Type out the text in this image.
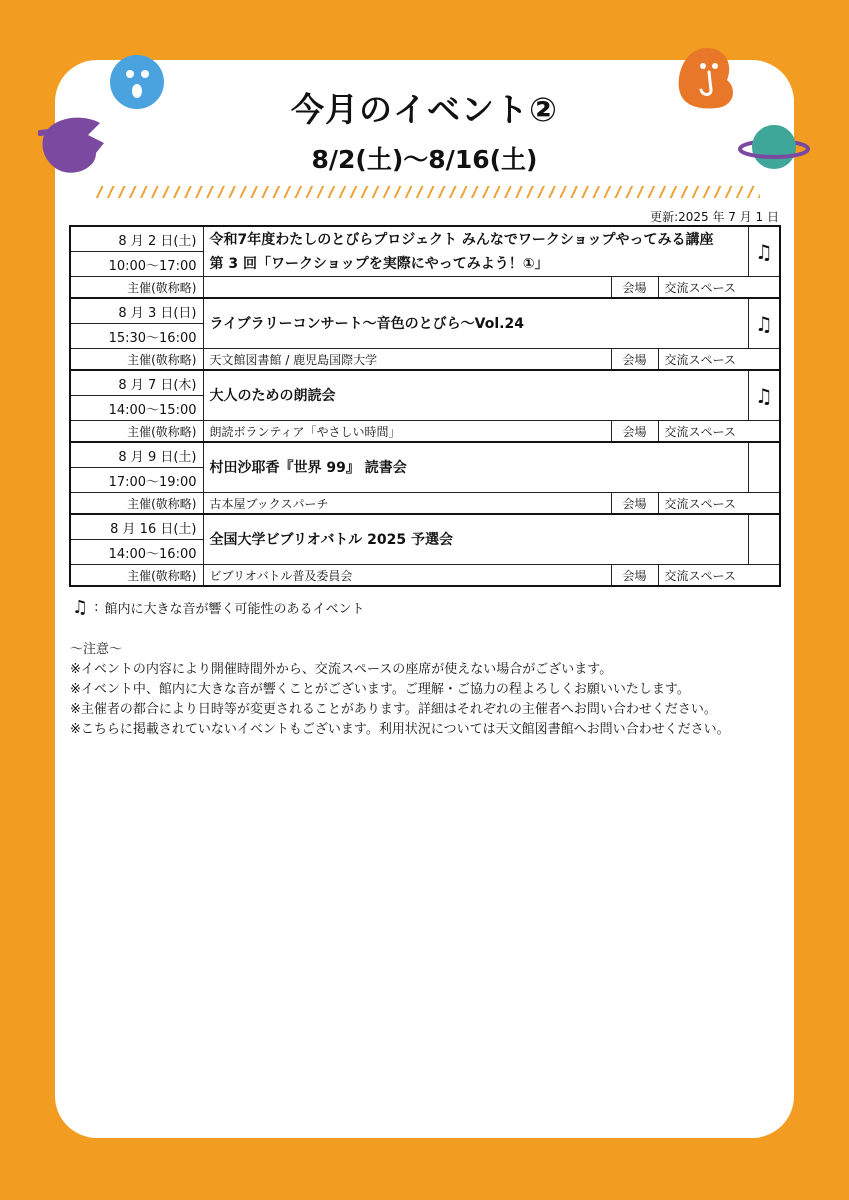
今月のイベント②
8/2(土)～8/16(土)
更新:2025 年 7 月 1 日
8 月 2 日(土)	令和7年度わたしのとびらプロジェクト みんなでワークショップやってみる講座
第 3 回「ワークショップを実際にやってみよう！①」			♫
10:00～17:00				
主催(敬称略)		会場	交流スペース	
8 月 3 日(日)	ライブラリーコンサート～音色のとびら～Vol.24			♫
15:30～16:00				
主催(敬称略)	天文館図書館 / 鹿児島国際大学	会場	交流スペース	
8 月 7 日(木)	大人のための朗読会			♫
14:00～15:00				
主催(敬称略)	朗読ボランティア「やさしい時間」	会場	交流スペース	
8 月 9 日(土)	村田沙耶香『世界 99』 読書会			
17:00～19:00				
主催(敬称略)	古本屋ブックスパーチ	会場	交流スペース	
8 月 16 日(土)	全国大学ビブリオバトル 2025 予選会			
14:00～16:00				
主催(敬称略)	ビブリオバトル普及委員会	会場	交流スペース	
♫ : 館内に大きな音が響く可能性のあるイベント
～注意～
※イベントの内容により開催時間外から、交流スペースの座席が使えない場合がございます。
※イベント中、館内に大きな音が響くことがございます。ご理解・ご協力の程よろしくお願いいたします。
※主催者の都合により日時等が変更されることがあります。詳細はそれぞれの主催者へお問い合わせください。
※こちらに掲載されていないイベントもございます。利用状況については天文館図書館へお問い合わせください。
